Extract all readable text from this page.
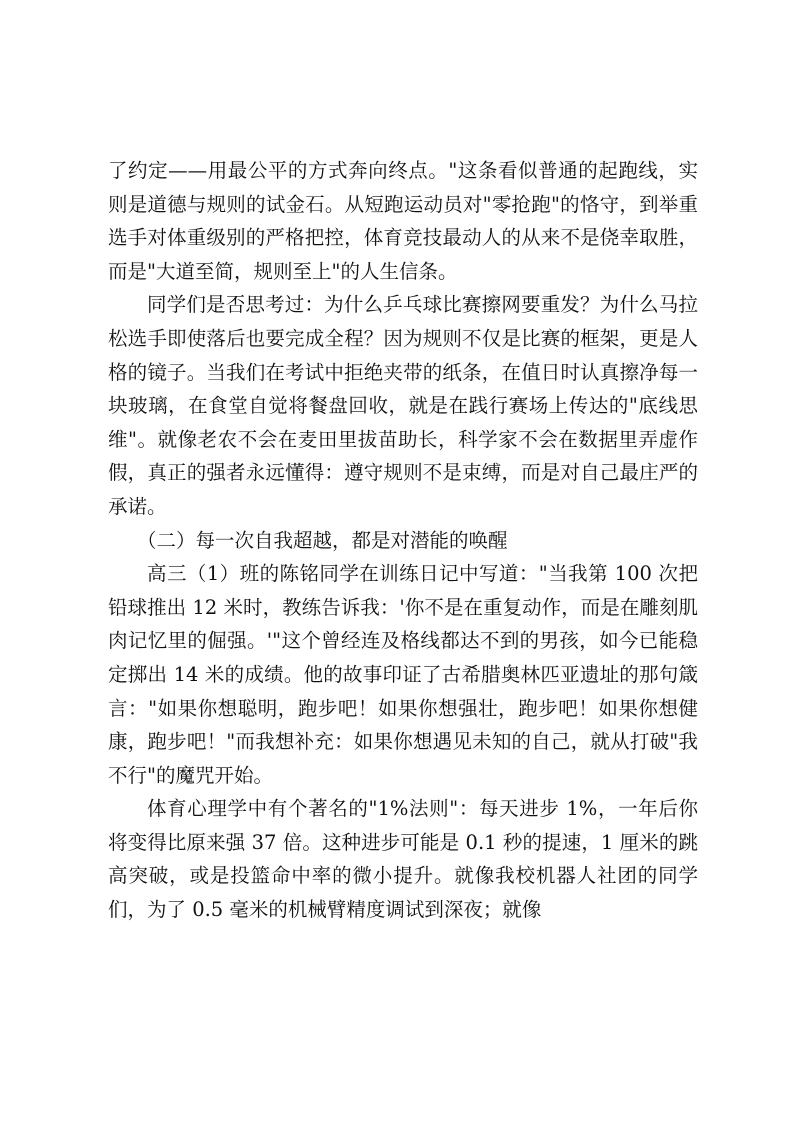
了约定——用最公平的方式奔向终点。"这条看似普通的起跑线，实则是道德与规则的试金石。从短跑运动员对"零抢跑"的恪守，到举重选手对体重级别的严格把控，体育竞技最动人的从来不是侥幸取胜，而是"大道至简，规则至上"的人生信条。

同学们是否思考过：为什么乒乓球比赛擦网要重发？为什么马拉松选手即使落后也要完成全程？因为规则不仅是比赛的框架，更是人格的镜子。当我们在考试中拒绝夹带的纸条，在值日时认真擦净每一块玻璃，在食堂自觉将餐盘回收，就是在践行赛场上传达的"底线思维"。就像老农不会在麦田里拔苗助长，科学家不会在数据里弄虚作假，真正的强者永远懂得：遵守规则不是束缚，而是对自己最庄严的承诺。

（二）每一次自我超越，都是对潜能的唤醒

高三（1）班的陈铭同学在训练日记中写道："当我第 100 次把铅球推出 12 米时，教练告诉我：'你不是在重复动作，而是在雕刻肌肉记忆里的倔强。'"这个曾经连及格线都达不到的男孩，如今已能稳定掷出 14 米的成绩。他的故事印证了古希腊奥林匹亚遗址的那句箴言："如果你想聪明，跑步吧！如果你想强壮，跑步吧！如果你想健康，跑步吧！"而我想补充：如果你想遇见未知的自己，就从打破"我不行"的魔咒开始。

体育心理学中有个著名的"1%法则"：每天进步 1%，一年后你将变得比原来强 37 倍。这种进步可能是 0.1 秒的提速，1 厘米的跳高突破，或是投篮命中率的微小提升。就像我校机器人社团的同学们，为了 0.5 毫米的机械臂精度调试到深夜；就像
